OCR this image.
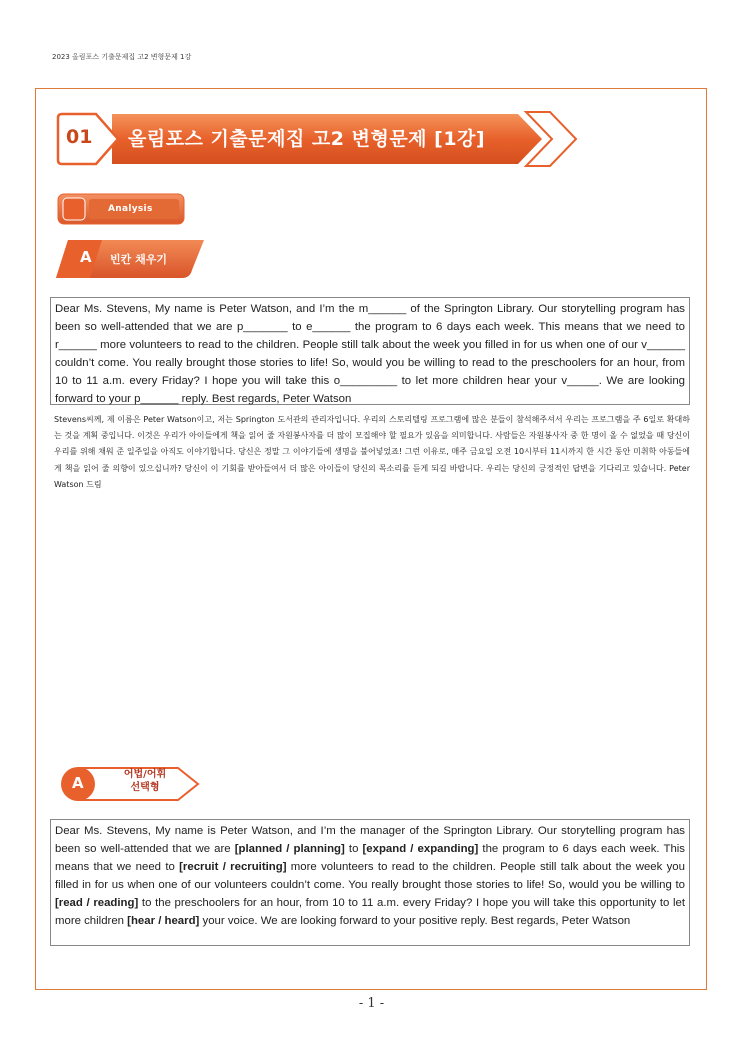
2023 올림포스 기출문제집 고2 변형문제 1강
01 올림포스 기출문제집 고2 변형문제 [1강]
Analysis
A 빈칸 채우기
Dear Ms. Stevens, My name is Peter Watson, and I’m the m______ of the Springton Library. Our storytelling program has been so well-attended that we are p_______ to e______ the program to 6 days each week. This means that we need to r______ more volunteers to read to the children. People still talk about the week you filled in for us when one of our v______ couldn’t come. You really brought those stories to life! So, would you be willing to read to the preschoolers for an hour, from 10 to 11 a.m. every Friday? I hope you will take this o_________ to let more children hear your v_____. We are looking forward to your p______ reply. Best regards, Peter Watson
Stevens씨께, 제 이름은 Peter Watson이고, 저는 Springton 도서관의 관리자입니다. 우리의 스토리텔링 프로그램에 많은 분들이 참석해주셔서 우리는 프로그램을 주 6일로 확대하는 것을 계획 중입니다. 이것은 우리가 아이들에게 책을 읽어 줄 자원봉사자를 더 많이 모집해야 할 필요가 있음을 의미합니다. 사람들은 자원봉사자 중 한 명이 올 수 없었을 때 당신이 우리를 위해 채워 준 일주일을 아직도 이야기합니다. 당신은 정말 그 이야기들에 생명을 불어넣었죠! 그런 이유로, 매주 금요일 오전 10시부터 11시까지 한 시간 동안 미취학 아동들에게 책을 읽어 줄 의향이 있으십니까? 당신이 이 기회를 받아들여서 더 많은 아이들이 당신의 목소리를 듣게 되길 바랍니다. 우리는 당신의 긍정적인 답변을 기다리고 있습니다. Peter Watson 드림
A	어법/어휘
선택형
Dear Ms. Stevens, My name is Peter Watson, and I’m the manager of the Springton Library. Our storytelling program has been so well-attended that we are [planned / planning] to [expand / expanding] the program to 6 days each week. This means that we need to [recruit / recruiting] more volunteers to read to the children. People still talk about the week you filled in for us when one of our volunteers couldn’t come. You really brought those stories to life! So, would you be willing to [read / reading] to the preschoolers for an hour, from 10 to 11 a.m. every Friday? I hope you will take this opportunity to let more children [hear / heard] your voice. We are looking forward to your positive reply. Best regards, Peter Watson
- 1 -
